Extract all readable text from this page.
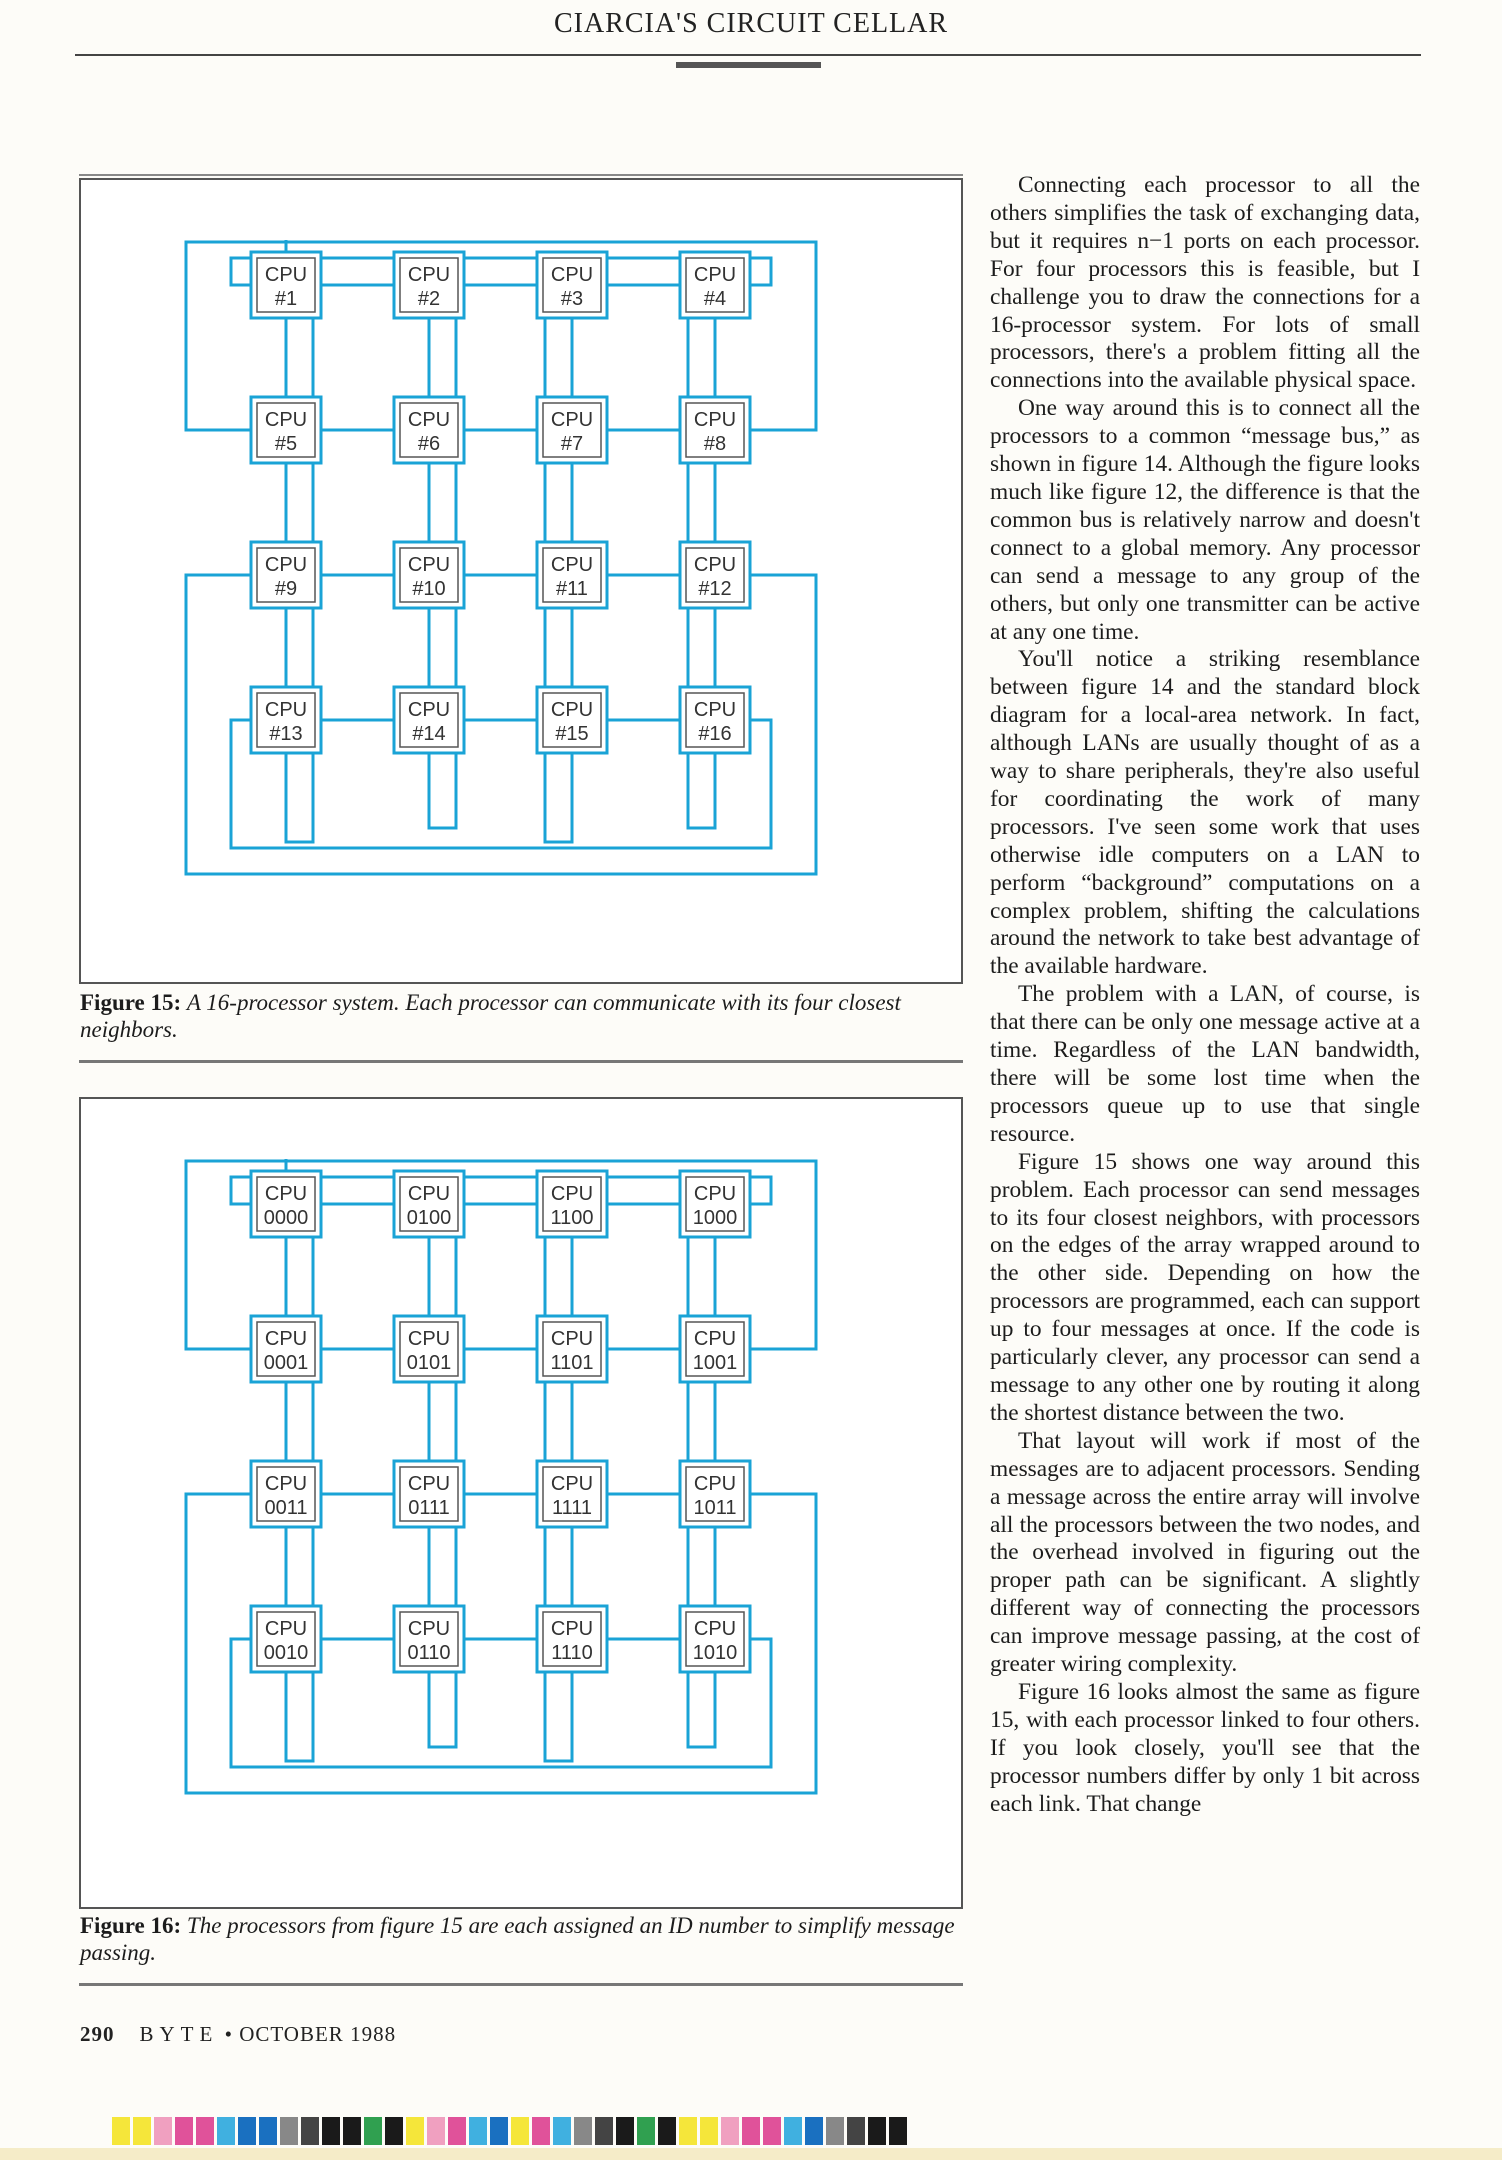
CIARCIA'S CIRCUIT CELLAR
CPU
#1
CPU
#2
CPU
#3
CPU
#4
CPU
#5
CPU
#6
CPU
#7
CPU
#8
CPU
#9
CPU
#10
CPU
#11
CPU
#12
CPU
#13
CPU
#14
CPU
#15
CPU
#16
Figure 15: A 16-processor system. Each processor can communicate with its four closest neighbors.
CPU
0000
CPU
0100
CPU
1100
CPU
1000
CPU
0001
CPU
0101
CPU
1101
CPU
1001
CPU
0011
CPU
0111
CPU
1111
CPU
1011
CPU
0010
CPU
0110
CPU
1110
CPU
1010
Figure 16: The processors from figure 15 are each assigned an ID number to simplify message passing.

Connecting each processor to all the others simplifies the task of exchanging data, but it requires n−1 ports on each processor. For four processors this is feasible, but I challenge you to draw the connections for a 16-processor system. For lots of small processors, there's a problem fitting all the connections into the available physical space.

One way around this is to connect all the processors to a common “message bus,” as shown in figure 14. Although the figure looks much like figure 12, the difference is that the common bus is relatively narrow and doesn't connect to a global memory. Any processor can send a message to any group of the others, but only one transmitter can be active at any one time.

You'll notice a striking resemblance between figure 14 and the standard block diagram for a local-area network. In fact, although LANs are usually thought of as a way to share peripherals, they're also useful for coordinating the work of many processors. I've seen some work that uses otherwise idle computers on a LAN to perform “background” computations on a complex problem, shifting the calculations around the network to take best advantage of the available hardware.

The problem with a LAN, of course, is that there can be only one message active at a time. Regardless of the LAN bandwidth, there will be some lost time when the processors queue up to use that single resource.

Figure 15 shows one way around this problem. Each processor can send messages to its four closest neighbors, with processors on the edges of the array wrapped around to the other side. Depending on how the processors are programmed, each can support up to four messages at once. If the code is particularly clever, any processor can send a message to any other one by routing it along the shortest distance between the two.

That layout will work if most of the messages are to adjacent processors. Sending a message across the entire array will involve all the processors between the two nodes, and the overhead involved in figuring out the proper path can be significant. A slightly different way of connecting the processors can improve message passing, at the cost of greater wiring complexity.

Figure 16 looks almost the same as figure 15, with each processor linked to four others. If you look closely, you'll see that the processor numbers differ by only 1 bit across each link. That change

290 BYTE • OCTOBER 1988
